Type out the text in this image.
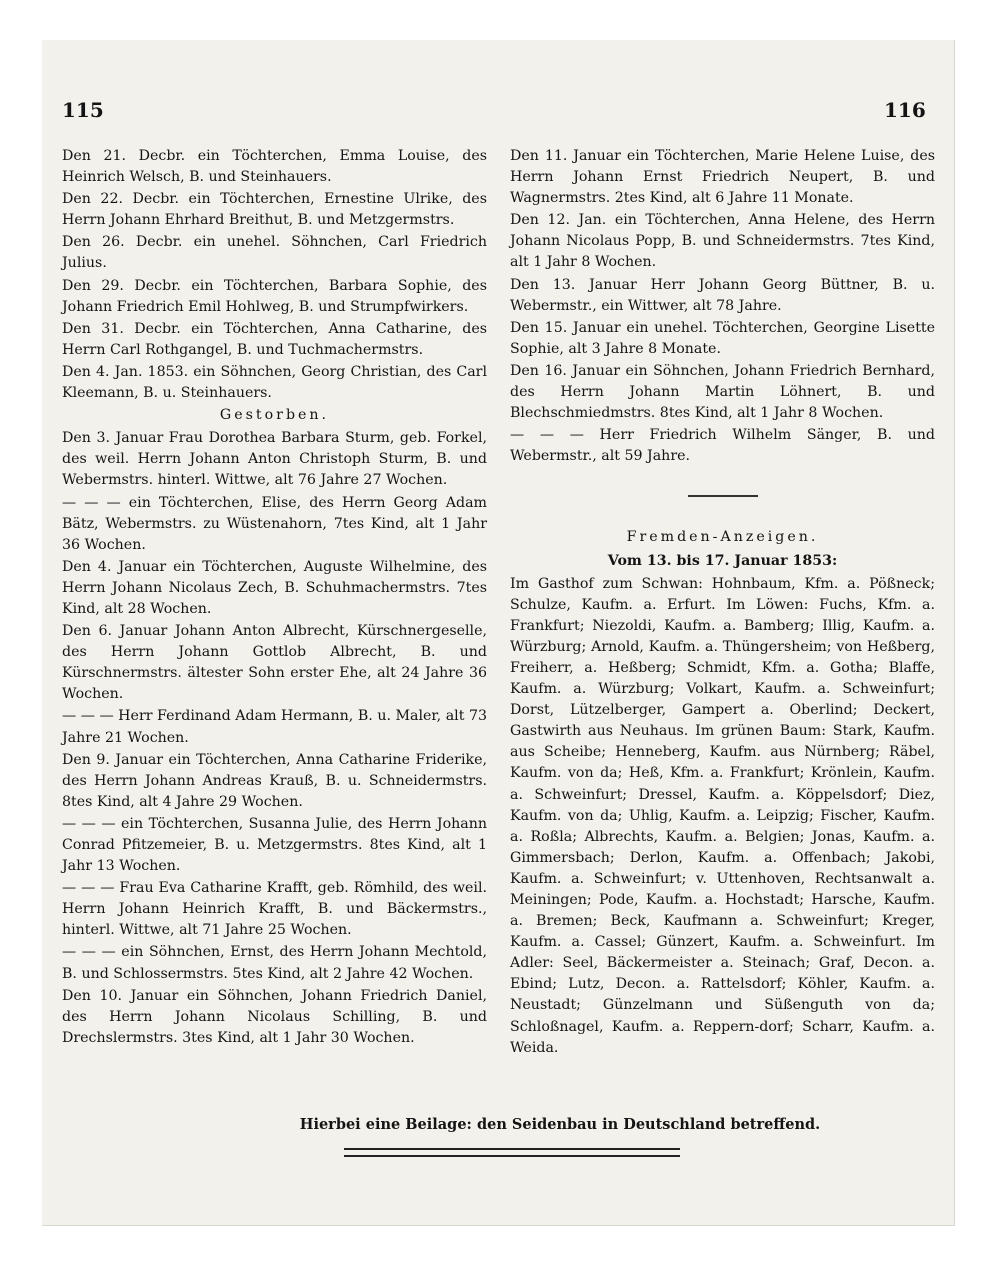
115	116

Den 21. Decbr. ein Töchterchen, Emma Louise, des Heinrich Welsch, B. und Steinhauers.

Den 22. Decbr. ein Töchterchen, Ernestine Ulrike, des Herrn Johann Ehrhard Breithut, B. und Metzgermstrs.

Den 26. Decbr. ein unehel. Söhnchen, Carl Friedrich Julius.

Den 29. Decbr. ein Töchterchen, Barbara Sophie, des Johann Friedrich Emil Hohlweg, B. und Strumpfwirkers.

Den 31. Decbr. ein Töchterchen, Anna Catharine, des Herrn Carl Rothgangel, B. und Tuchmachermstrs.

Den 4. Jan. 1853. ein Söhnchen, Georg Christian, des Carl Kleemann, B. u. Steinhauers.

Gestorben.

Den 3. Januar Frau Dorothea Barbara Sturm, geb. Forkel, des weil. Herrn Johann Anton Christoph Sturm, B. und Webermstrs. hinterl. Wittwe, alt 76 Jahre 27 Wochen.

— — — ein Töchterchen, Elise, des Herrn Georg Adam Bätz, Webermstrs. zu Wüstenahorn, 7tes Kind, alt 1 Jahr 36 Wochen.

Den 4. Januar ein Töchterchen, Auguste Wilhelmine, des Herrn Johann Nicolaus Zech, B. Schuhmachermstrs. 7tes Kind, alt 28 Wochen.

Den 6. Januar Johann Anton Albrecht, Kürschnergeselle, des Herrn Johann Gottlob Albrecht, B. und Kürschnermstrs. ältester Sohn erster Ehe, alt 24 Jahre 36 Wochen.

— — — Herr Ferdinand Adam Hermann, B. u. Maler, alt 73 Jahre 21 Wochen.

Den 9. Januar ein Töchterchen, Anna Catharine Friderike, des Herrn Johann Andreas Krauß, B. u. Schneidermstrs. 8tes Kind, alt 4 Jahre 29 Wochen.

— — — ein Töchterchen, Susanna Julie, des Herrn Johann Conrad Pfitzemeier, B. u. Metzgermstrs. 8tes Kind, alt 1 Jahr 13 Wochen.

— — — Frau Eva Catharine Krafft, geb. Römhild, des weil. Herrn Johann Heinrich Krafft, B. und Bäckermstrs., hinterl. Wittwe, alt 71 Jahre 25 Wochen.

— — — ein Söhnchen, Ernst, des Herrn Johann Mechtold, B. und Schlossermstrs. 5tes Kind, alt 2 Jahre 42 Wochen.

Den 10. Januar ein Söhnchen, Johann Friedrich Daniel, des Herrn Johann Nicolaus Schilling, B. und Drechslermstrs. 3tes Kind, alt 1 Jahr 30 Wochen.

Den 11. Januar ein Töchterchen, Marie Helene Luise, des Herrn Johann Ernst Friedrich Neupert, B. und Wagnermstrs. 2tes Kind, alt 6 Jahre 11 Monate.

Den 12. Jan. ein Töchterchen, Anna Helene, des Herrn Johann Nicolaus Popp, B. und Schneidermstrs. 7tes Kind, alt 1 Jahr 8 Wochen.

Den 13. Januar Herr Johann Georg Büttner, B. u. Webermstr., ein Wittwer, alt 78 Jahre.

Den 15. Januar ein unehel. Töchterchen, Georgine Lisette Sophie, alt 3 Jahre 8 Monate.

Den 16. Januar ein Söhnchen, Johann Friedrich Bernhard, des Herrn Johann Martin Löhnert, B. und Blechschmiedmstrs. 8tes Kind, alt 1 Jahr 8 Wochen.

— — — Herr Friedrich Wilhelm Sänger, B. und Webermstr., alt 59 Jahre.

Fremden-Anzeigen.

Vom 13. bis 17. Januar 1853:

Im Gasthof zum Schwan: Hohnbaum, Kfm. a. Pößneck; Schulze, Kaufm. a. Erfurt. Im Löwen: Fuchs, Kfm. a. Frankfurt; Niezoldi, Kaufm. a. Bamberg; Illig, Kaufm. a. Würzburg; Arnold, Kaufm. a. Thüngersheim; von Heßberg, Freiherr, a. Heßberg; Schmidt, Kfm. a. Gotha; Blaffe, Kaufm. a. Würzburg; Volkart, Kaufm. a. Schweinfurt; Dorst, Lützelberger, Gampert a. Oberlind; Deckert, Gastwirth aus Neuhaus. Im grünen Baum: Stark, Kaufm. aus Scheibe; Henneberg, Kaufm. aus Nürnberg; Räbel, Kaufm. von da; Heß, Kfm. a. Frankfurt; Krönlein, Kaufm. a. Schweinfurt; Dressel, Kaufm. a. Köppelsdorf; Diez, Kaufm. von da; Uhlig, Kaufm. a. Leipzig; Fischer, Kaufm. a. Roßla; Albrechts, Kaufm. a. Belgien; Jonas, Kaufm. a. Gimmersbach; Derlon, Kaufm. a. Offenbach; Jakobi, Kaufm. a. Schweinfurt; v. Uttenhoven, Rechtsanwalt a. Meiningen; Pode, Kaufm. a. Hochstadt; Harsche, Kaufm. a. Bremen; Beck, Kaufmann a. Schweinfurt; Kreger, Kaufm. a. Cassel; Günzert, Kaufm. a. Schweinfurt. Im Adler: Seel, Bäckermeister a. Steinach; Graf, Decon. a. Ebind; Lutz, Decon. a. Rattelsdorf; Köhler, Kaufm. a. Neustadt; Günzelmann und Süßenguth von da; Schloßnagel, Kaufm. a. Reppern-dorf; Scharr, Kaufm. a. Weida.

Hierbei eine Beilage: den Seidenbau in Deutschland betreffend.
